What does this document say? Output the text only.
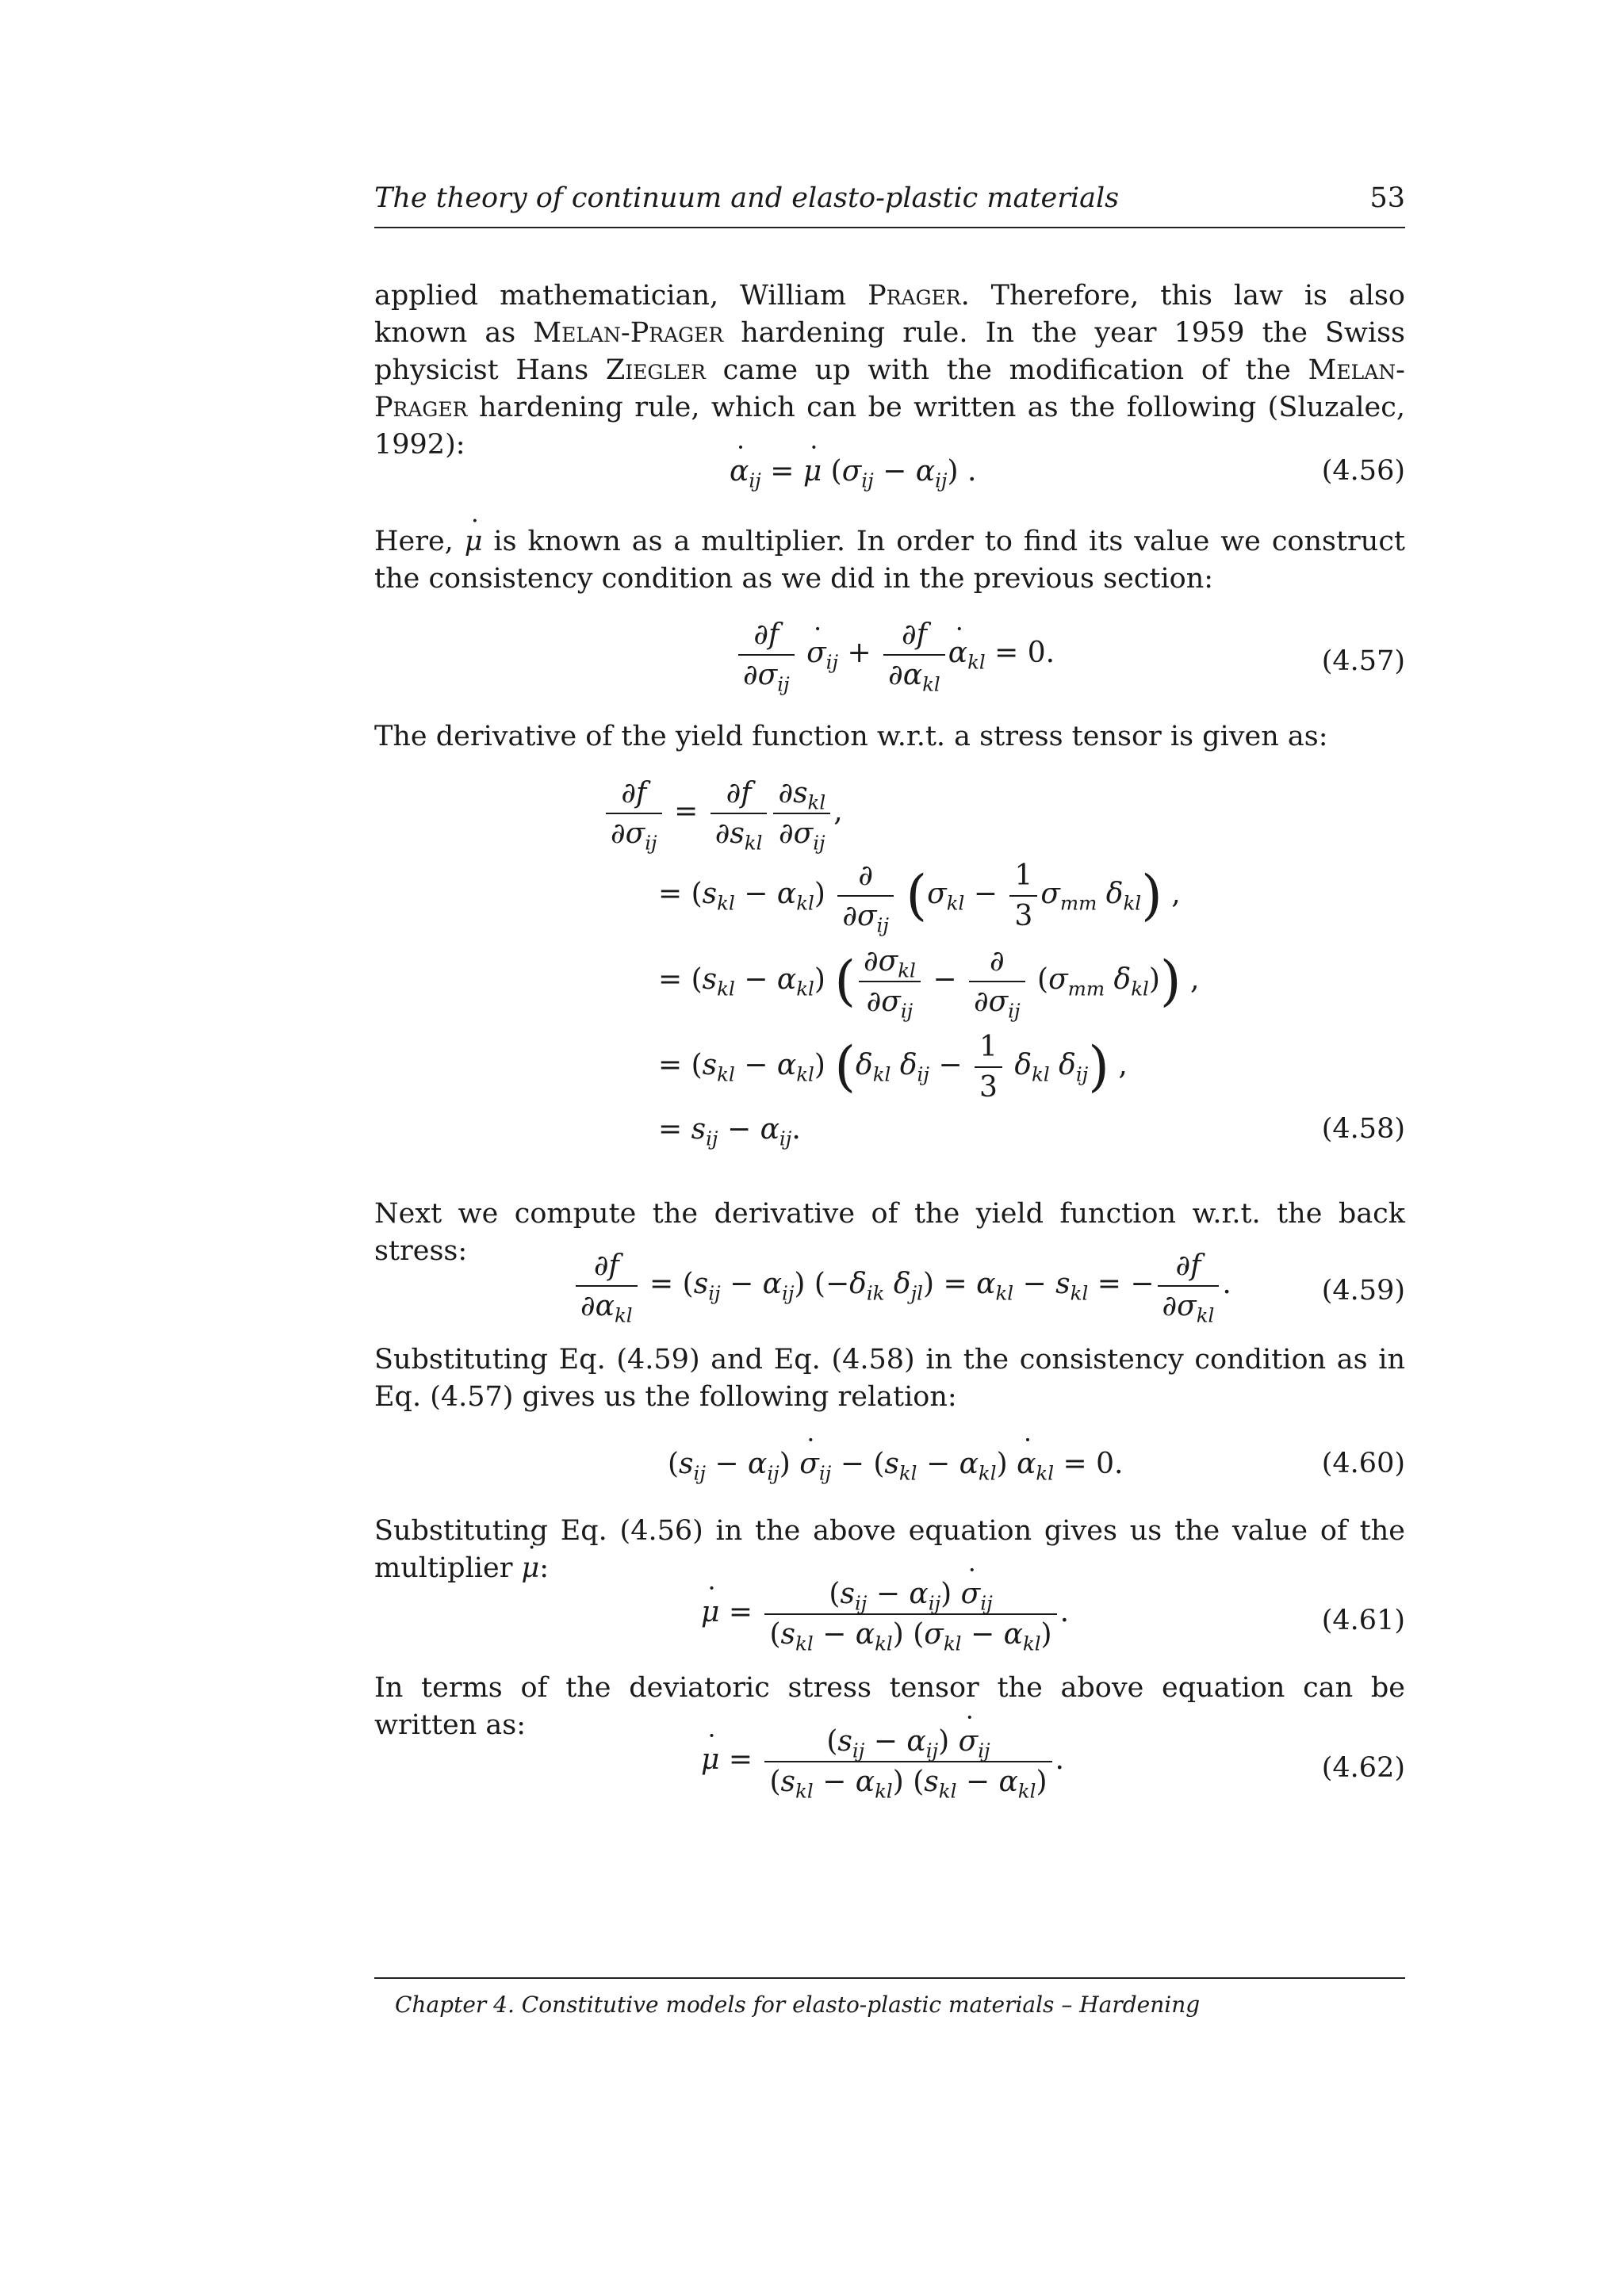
The theory of continuum and elasto-plastic materials	53

applied mathematician, William Prager. Therefore, this law is also known as Melan-Prager hardening rule. In the year 1959 the Swiss physicist Hans Ziegler came up with the modification of the Melan-Prager hardening rule, which can be written as the following (Sluzalec, 1992):

˙ $\alpha_{ij}$ = ˙ μ $(\sigma_{ij} - \alpha_{ij})$ .	(4.56)

Here, ˙ μ is known as a multiplier. In order to find its value we construct the consistency condition as we did in the previous section:

$\frac{\partial f}{\partial\sigma_{ij}}$ ˙ $\sigma_{ij} + \frac{\partial f}{\partial\alpha_{kl}}$ ˙ $\alpha_{kl} = 0$.	(4.57)

The derivative of the yield function w.r.t. a stress tensor is given as:

$\frac{\partial f}{\partial\sigma_{ij}} = \frac{\partial f}{\partial s_{kl}} \frac{\partial s_{kl}}{\partial\sigma_{ij}}$ ,
= $(s_{kl} - \alpha_{kl}) \frac{\partial}{\partial\sigma_{ij}} (\sigma_{kl} - \frac{1}{3} \sigma_{mm}$ $\delta_{kl}$) ,
= $(s_{kl} - \alpha_{kl})$ ( $\frac{\partial\sigma_{kl}}{\partial\sigma_{ij}} - \frac{\partial}{\partial\sigma_{ij}} (\sigma_{mm}$ $\delta_{kl}$)) ,
= $(s_{kl} - \alpha_{kl})$ ($\delta_{kl}$ $\delta_{ij} - \frac{1}{3} \delta_{kl}$ $\delta_{ij}$) ,
= $s_{ij} - \alpha_{ij}$.	(4.58)

Next we compute the derivative of the yield function w.r.t. the back stress:	$\frac{\partial f}{\partial\alpha_{kl}} = (s_{ij} - \alpha_{ij})$ ($-\delta_{ik}$ $\delta_{jl}) = \alpha_{kl} - s_{kl}$ = − $\frac{\partial f}{\partial\sigma_{kl}}$ .	(4.59)

Substituting Eq. (4.59) and Eq. (4.58) in the consistency condition as in Eq. (4.57) gives us the following relation:

$(s_{ij} - \alpha_{ij})$ ˙ $\sigma_{ij} - (s_{kl} - \alpha_{kl})$ ˙ $\alpha_{kl} = 0$.	(4.60)

Substituting Eq. (4.56) in the above equation gives us the value of the multiplier ˙ μ:

˙ $\mu = \frac{(s_{ij} - \alpha_{ij}) ˙ \sigma_{ij}}{(s_{kl} - \alpha_{kl}) (\sigma_{kl} - \alpha_{kl})}$ .	(4.61)

In terms of the deviatoric stress tensor the above equation can be written as:

˙ $\mu = \frac{(s_{ij} - \alpha_{ij}) ˙ \sigma_{ij}}{(s_{kl} - \alpha_{kl}) (s_{kl} - \alpha_{kl})}$ .	(4.62)
Chapter 4. Constitutive models for elasto-plastic materials – Hardening
